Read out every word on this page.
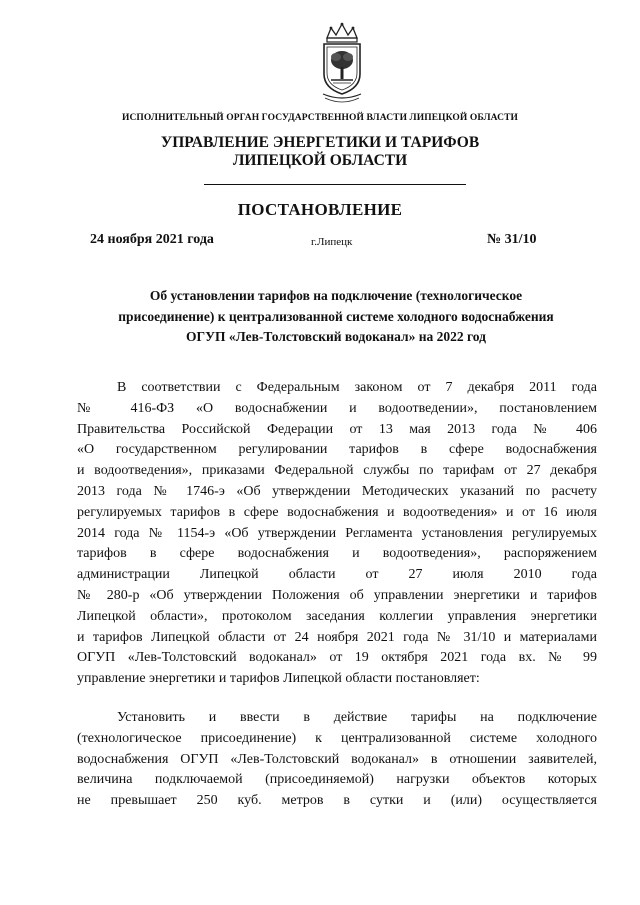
ИСПОЛНИТЕЛЬНЫЙ ОРГАН ГОСУДАРСТВЕННОЙ ВЛАСТИ ЛИПЕЦКОЙ ОБЛАСТИ
УПРАВЛЕНИЕ ЭНЕРГЕТИКИ И ТАРИФОВ
ЛИПЕЦКОЙ ОБЛАСТИ
ПОСТАНОВЛЕНИЕ
24 ноября 2021 года	г.Липецк	№ 31/10
Об установлении тарифов на подключение (технологическое
присоединение) к централизованной системе холодного водоснабжения
ОГУП «Лев-Толстовский водоканал» на 2022 год
В соответствии с Федеральным законом от 7 декабря 2011 года
№ 416-ФЗ «О водоснабжении и водоотведении», постановлением
Правительства Российской Федерации от 13 мая 2013 года № 406
«О государственном регулировании тарифов в сфере водоснабжения
и водоотведения», приказами Федеральной службы по тарифам от 27 декабря
2013 года № 1746-э «Об утверждении Методических указаний по расчету
регулируемых тарифов в сфере водоснабжения и водоотведения» и от 16 июля
2014 года № 1154-э «Об утверждении Регламента установления регулируемых
тарифов в сфере водоснабжения и водоотведения», распоряжением
администрации Липецкой области от 27 июля 2010 года
№ 280-р «Об утверждении Положения об управлении энергетики и тарифов
Липецкой области», протоколом заседания коллегии управления энергетики
и тарифов Липецкой области от 24 ноября 2021 года № 31/10 и материалами
ОГУП «Лев-Толстовский водоканал» от 19 октября 2021 года вх. № 99
управление энергетики и тарифов Липецкой области постановляет:
Установить и ввести в действие тарифы на подключение
(технологическое присоединение) к централизованной системе холодного
водоснабжения ОГУП «Лев-Толстовский водоканал» в отношении заявителей,
величина подключаемой (присоединяемой) нагрузки объектов которых
не превышает 250 куб. метров в сутки и (или) осуществляется
